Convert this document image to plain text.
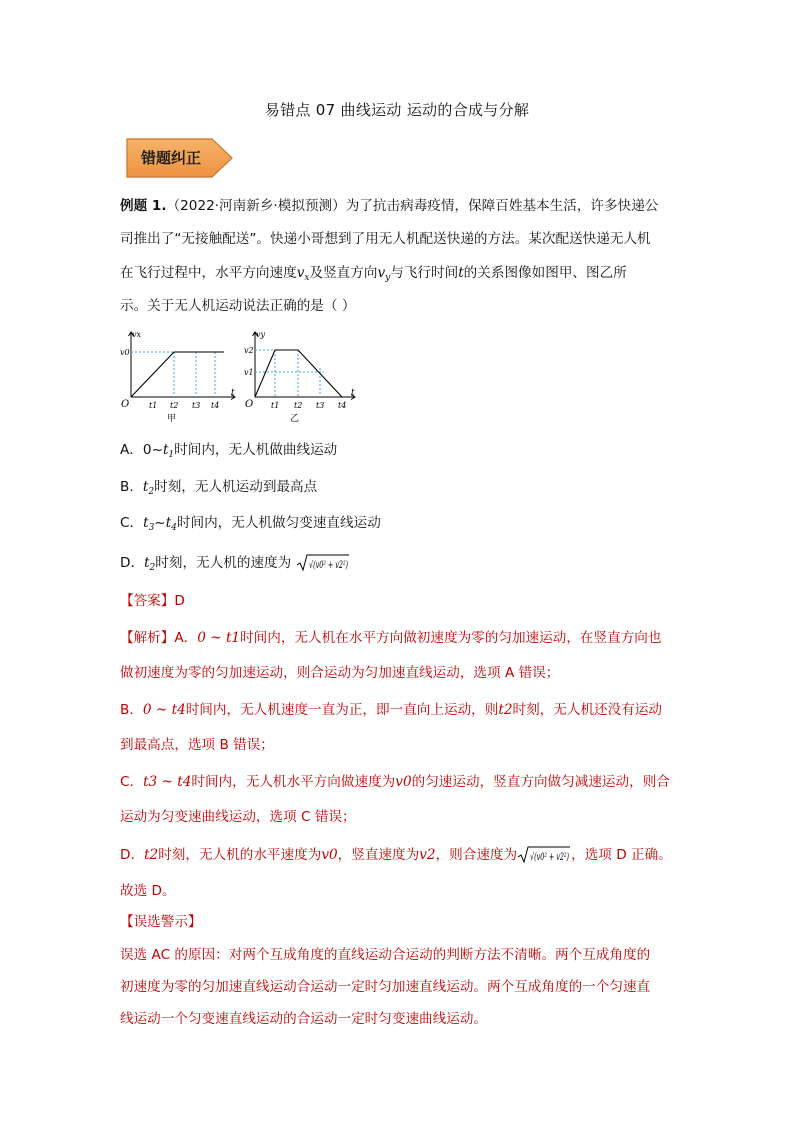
易错点 07 曲线运动 运动的合成与分解
错题纠正
例题 1.（2022·河南新乡·模拟预测）为了抗击病毒疫情，保障百姓基本生活，许多快递公
司推出了“无接触配送”。快递小哥想到了用无人机配送快递的方法。某次配送快递无人机
在飞行过程中，水平方向速度$v_x$及竖直方向$v_y$与飞行时间t的关系图像如图甲、图乙所
示。关于无人机运动说法正确的是（ ）
vx
v0
O
t
t1 t2 t3 t4
甲
vy
v2
v1
O
t
t1 t2 t3 t4
乙
A．$0\sim t_1$时间内，无人机做曲线运动
B．$t_2$时刻，无人机运动到最高点
C．$t_3\sim t_4$时间内，无人机做匀变速直线运动
D．$t_2$时刻，无人机的速度为 √(v0² + v2²)
【答案】D
【解析】A．0 ~ t1时间内，无人机在水平方向做初速度为零的匀加速运动，在竖直方向也
做初速度为零的匀加速运动，则合运动为匀加速直线运动，选项 A 错误；
B．0 ~ t4时间内，无人机速度一直为正，即一直向上运动，则t2时刻，无人机还没有运动
到最高点，选项 B 错误；
C．t3 ~ t4时间内，无人机水平方向做速度为v0的匀速运动，竖直方向做匀减速运动，则合
运动为匀变速曲线运动，选项 C 错误；
D．t2时刻，无人机的水平速度为v0，竖直速度为v2，则合速度为 √(v0² + v2²) ，选项 D 正确。
故选 D。
【误选警示】
误选 AC 的原因：对两个互成角度的直线运动合运动的判断方法不清晰。两个互成角度的
初速度为零的匀加速直线运动合运动一定时匀加速直线运动。两个互成角度的一个匀速直
线运动一个匀变速直线运动的合运动一定时匀变速曲线运动。
